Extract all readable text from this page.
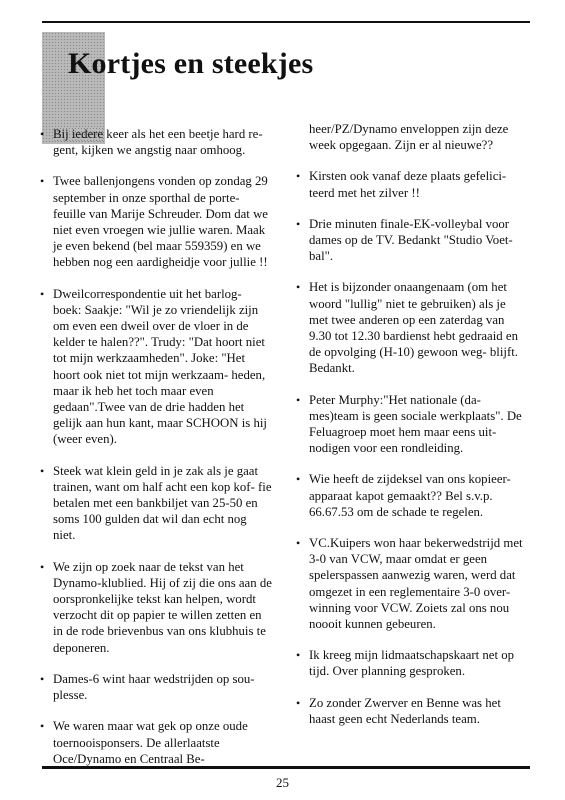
Kortjes en steekjes
• Bij iedere keer als het een beetje hard re- gent, kijken we angstig naar omhoog.
• Twee ballenjongens vonden op zondag 29 september in onze sporthal de porte- feuille van Marije Schreuder. Dom dat we niet even vroegen wie jullie waren. Maak je even bekend (bel maar 559359) en we hebben nog een aardigheidje voor jullie !!
• Dweilcorrespondentie uit het barlog- boek: Saakje: "Wil je zo vriendelijk zijn om even een dweil over de vloer in de kelder te halen??". Trudy: "Dat hoort niet tot mijn werkzaamheden". Joke: "Het hoort ook niet tot mijn werkzaam- heden, maar ik heb het toch maar even gedaan".Twee van de drie hadden het gelijk aan hun kant, maar SCHOON is hij (weer even).
• Steek wat klein geld in je zak als je gaat trainen, want om half acht een kop kof- fie betalen met een bankbiljet van 25-50 en soms 100 gulden dat wil dan echt nog niet.
• We zijn op zoek naar de tekst van het Dynamo-klublied. Hij of zij die ons aan de oorspronkelijke tekst kan helpen, wordt verzocht dit op papier te willen zetten en in de rode brievenbus van ons klubhuis te deponeren.
• Dames-6 wint haar wedstrijden op sou- plesse.
• We waren maar wat gek op onze oude toernooisponsers. De allerlaatste Oce/Dynamo en Centraal Be-
heer/PZ/Dynamo enveloppen zijn deze week opgegaan. Zijn er al nieuwe??
• Kirsten ook vanaf deze plaats gefelici- teerd met het zilver !!
• Drie minuten finale-EK-volleybal voor dames op de TV. Bedankt "Studio Voet- bal".
• Het is bijzonder onaangenaam (om het woord "lullig" niet te gebruiken) als je met twee anderen op een zaterdag van 9.30 tot 12.30 bardienst hebt gedraaid en de opvolging (H-10) gewoon weg- blijft. Bedankt.
• Peter Murphy:"Het nationale (da- mes)team is geen sociale werkplaats". De Feluagroep moet hem maar eens uit- nodigen voor een rondleiding.
• Wie heeft de zijdeksel van ons kopieer- apparaat kapot gemaakt?? Bel s.v.p. 66.67.53 om de schade te regelen.
• VC.Kuipers won haar bekerwedstrijd met 3-0 van VCW, maar omdat er geen spelerspassen aanwezig waren, werd dat omgezet in een reglementaire 3-0 over- winning voor VCW. Zoiets zal ons nou noooit kunnen gebeuren.
• Ik kreeg mijn lidmaatschapskaart net op tijd. Over planning gesproken.
• Zo zonder Zwerver en Benne was het haast geen echt Nederlands team.
25
